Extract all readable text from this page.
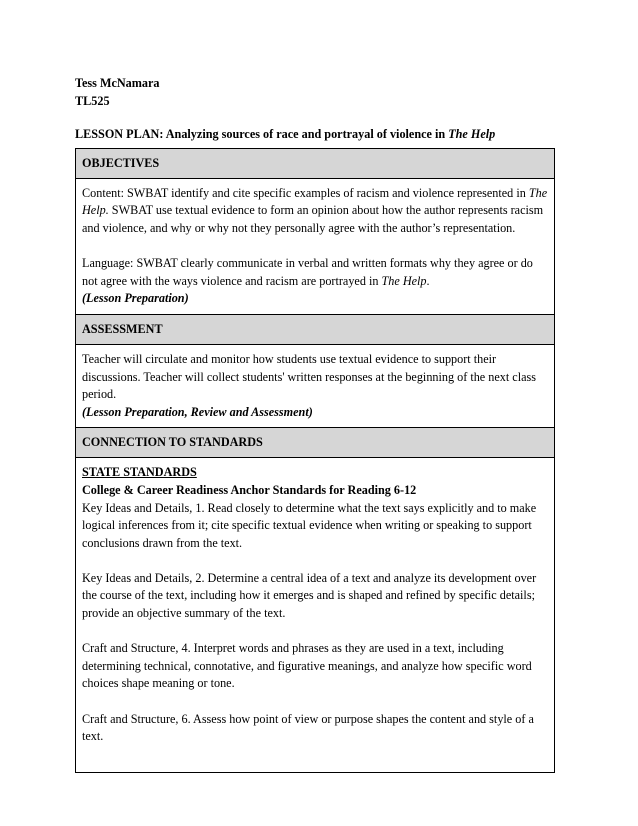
Tess McNamara
TL525
LESSON PLAN: Analyzing sources of race and portrayal of violence in The Help
OBJECTIVES

Content: SWBAT identify and cite specific examples of racism and violence represented in The Help. SWBAT use textual evidence to form an opinion about how the author represents racism and violence, and why or why not they personally agree with the author’s representation.

Language: SWBAT clearly communicate in verbal and written formats why they agree or do not agree with the ways violence and racism are portrayed in The Help.

(Lesson Preparation)

ASSESSMENT

Teacher will circulate and monitor how students use textual evidence to support their discussions. Teacher will collect students' written responses at the beginning of the next class period.

(Lesson Preparation, Review and Assessment)

CONNECTION TO STANDARDS

STATE STANDARDS

College & Career Readiness Anchor Standards for Reading 6-12

Key Ideas and Details, 1. Read closely to determine what the text says explicitly and to make logical inferences from it; cite specific textual evidence when writing or speaking to support conclusions drawn from the text.

Key Ideas and Details, 2. Determine a central idea of a text and analyze its development over the course of the text, including how it emerges and is shaped and refined by specific details; provide an objective summary of the text.

Craft and Structure, 4. Interpret words and phrases as they are used in a text, including determining technical, connotative, and figurative meanings, and analyze how specific word choices shape meaning or tone.

Craft and Structure, 6. Assess how point of view or purpose shapes the content and style of a text.
